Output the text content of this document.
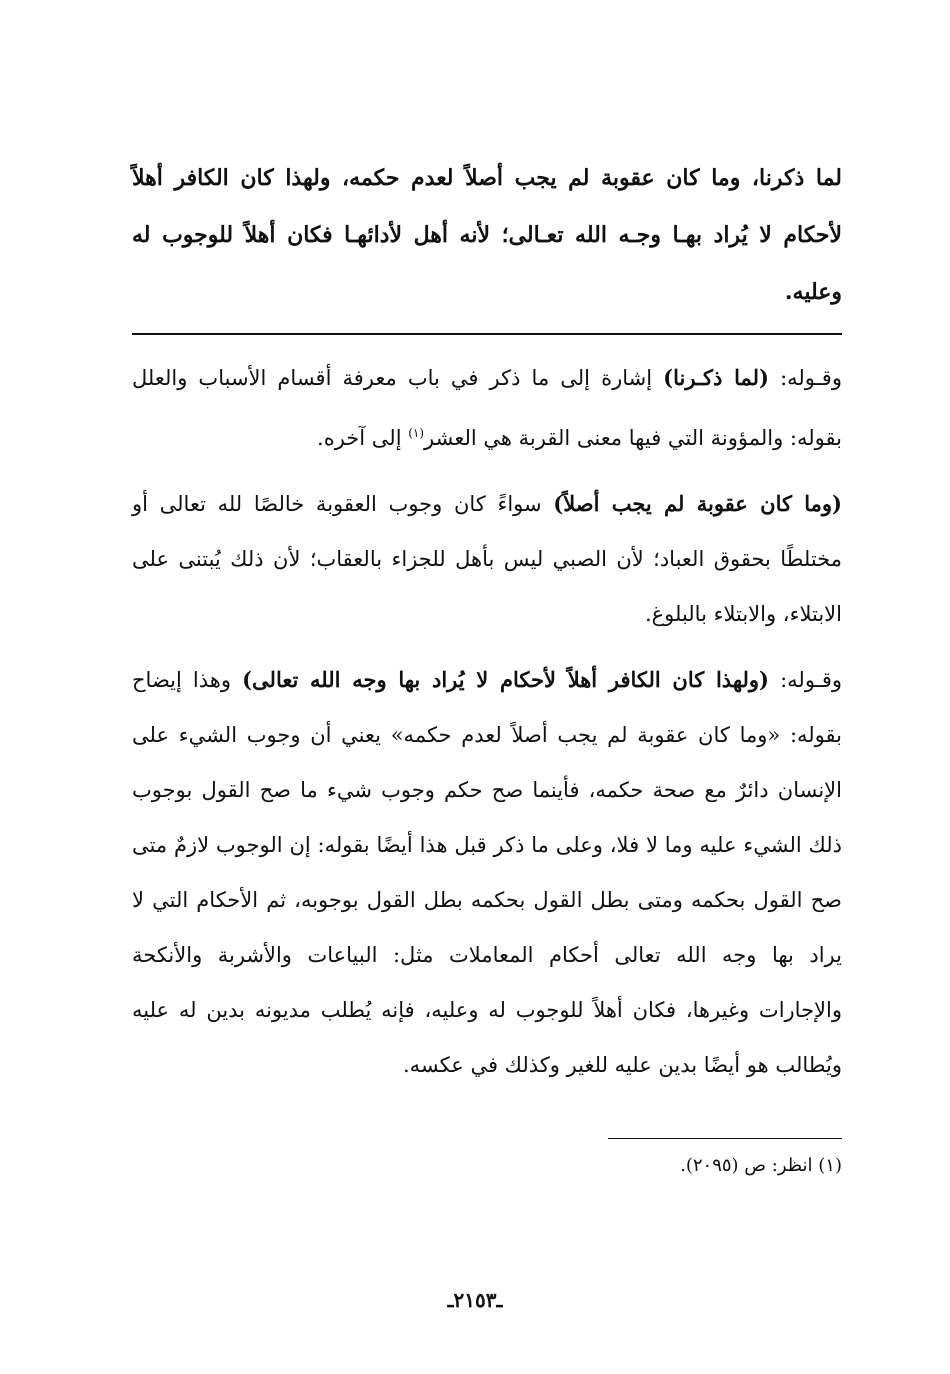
لما ذكرنا، وما كان عقوبة لم يجب أصلاً لعدم حكمه، ولهذا كان الكافر أهلاً لأحكام لا يُراد بهـا وجـه الله تعـالى؛ لأنه أهل لأدائهـا فكان أهلاً للوجوب له وعليه.

وقـوله: (لما ذكـرنا) إشارة إلى ما ذكر في باب معرفة أقسام الأسباب والعلل بقوله: والمؤونة التي فيها معنى القربة هي العشر$^{(١)}$ إلى آخره.

(وما كان عقوبة لم يجب أصلاً) سواءً كان وجوب العقوبة خالصًا لله تعالى أو مختلطًا بحقوق العباد؛ لأن الصبي ليس بأهل للجزاء بالعقاب؛ لأن ذلك يُبتنى على الابتلاء، والابتلاء بالبلوغ.

وقـوله: (ولهذا كان الكافر أهلاً لأحكام لا يُراد بها وجه الله تعالى) وهذا إيضاح بقوله: «وما كان عقوبة لم يجب أصلاً لعدم حكمه» يعني أن وجوب الشيء على الإنسان دائرٌ مع صحة حكمه، فأينما صح حكم وجوب شيء ما صح القول بوجوب ذلك الشيء عليه وما لا فلا، وعلى ما ذكر قبل هذا أيضًا بقوله: إن الوجوب لازمٌ متى صح القول بحكمه ومتى بطل القول بحكمه بطل القول بوجوبه، ثم الأحكام التي لا يراد بها وجه الله تعالى أحكام المعاملات مثل: البياعات والأشربة والأنكحة والإجارات وغيرها، فكان أهلاً للوجوب له وعليه، فإنه يُطلب مديونه بدين له عليه ويُطالب هو أيضًا بدين عليه للغير وكذلك في عكسه.

(١) انظر: ص (٢٠٩٥).
ـ٢١٥٣ـ
